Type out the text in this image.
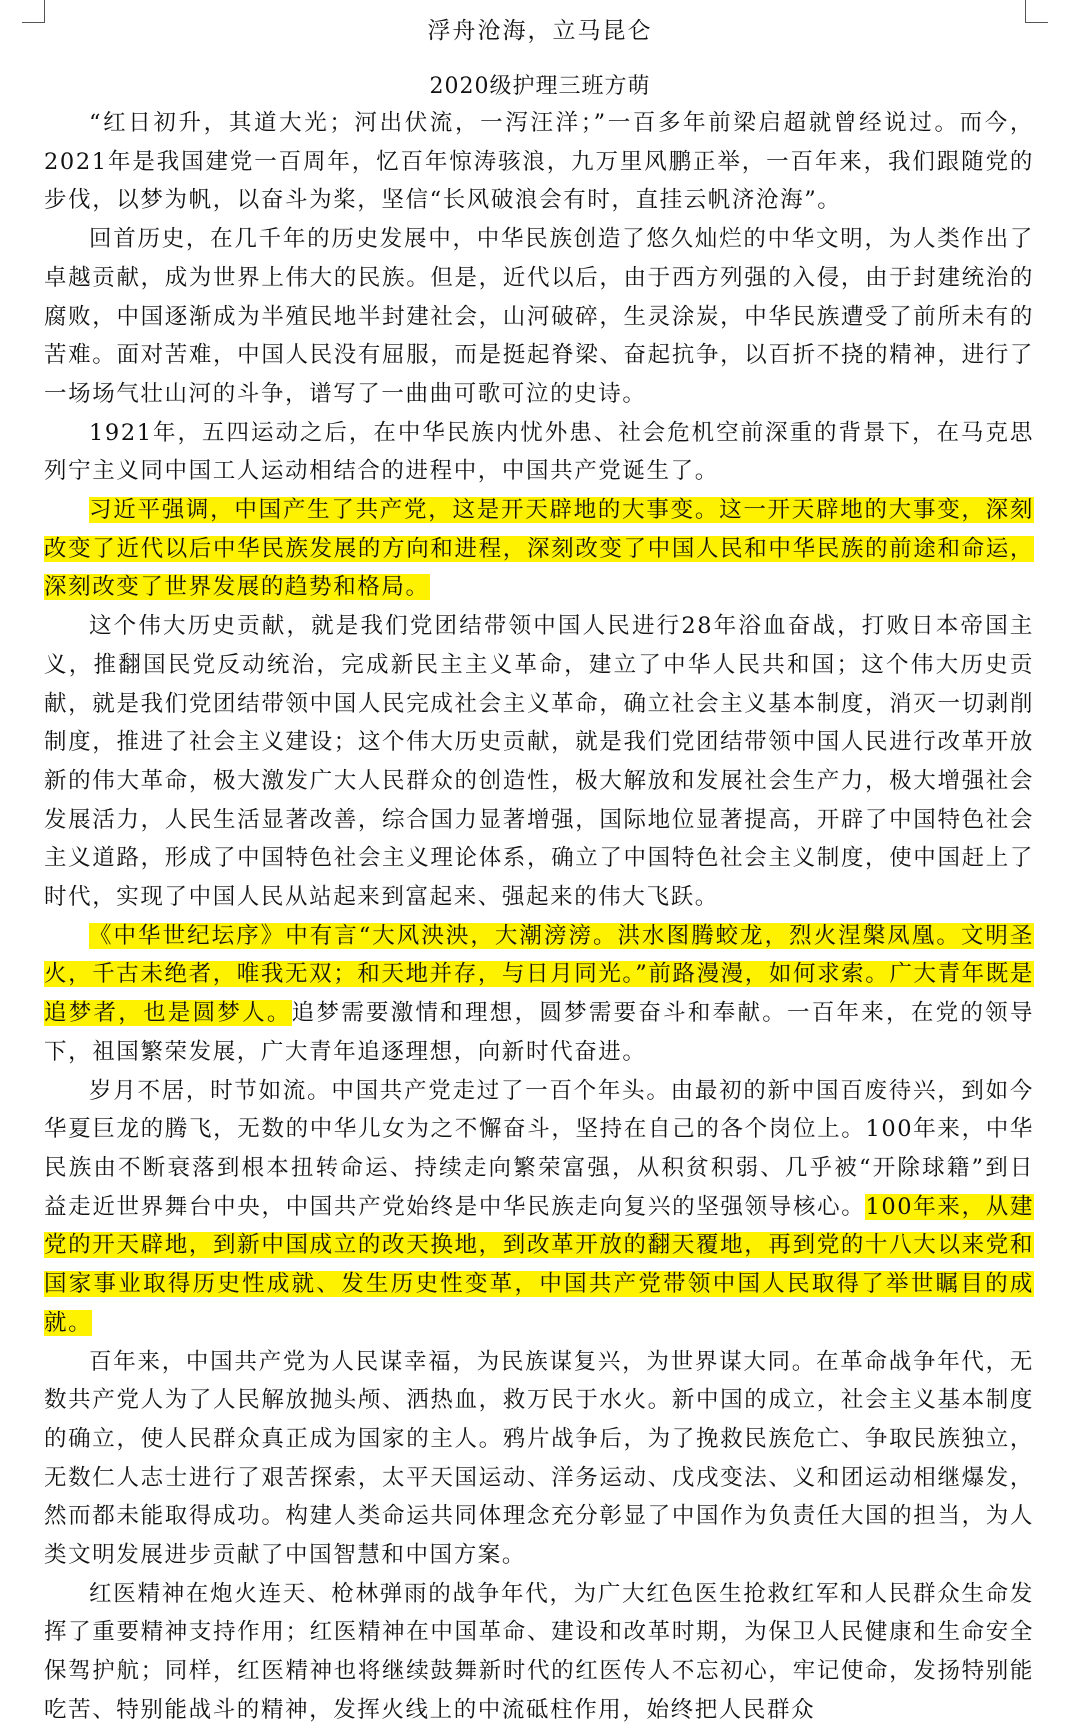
浮舟沧海，立马昆仑
2020级护理三班方萌

“红日初升，其道大光；河出伏流，一泻汪洋；”一百多年前梁启超就曾经说过。而今，2021年是我国建党一百周年，忆百年惊涛骇浪，九万里风鹏正举，一百年来，我们跟随党的步伐，以梦为帆，以奋斗为桨，坚信“长风破浪会有时，直挂云帆济沧海”。

回首历史，在几千年的历史发展中，中华民族创造了悠久灿烂的中华文明，为人类作出了卓越贡献，成为世界上伟大的民族。但是，近代以后，由于西方列强的入侵，由于封建统治的腐败，中国逐渐成为半殖民地半封建社会，山河破碎，生灵涂炭，中华民族遭受了前所未有的苦难。面对苦难，中国人民没有屈服，而是挺起脊梁、奋起抗争，以百折不挠的精神，进行了一场场气壮山河的斗争，谱写了一曲曲可歌可泣的史诗。

1921年，五四运动之后，在中华民族内忧外患、社会危机空前深重的背景下，在马克思列宁主义同中国工人运动相结合的进程中，中国共产党诞生了。

习近平强调，中国产生了共产党，这是开天辟地的大事变。这一开天辟地的大事变，深刻改变了近代以后中华民族发展的方向和进程，深刻改变了中国人民和中华民族的前途和命运，深刻改变了世界发展的趋势和格局。

这个伟大历史贡献，就是我们党团结带领中国人民进行28年浴血奋战，打败日本帝国主义，推翻国民党反动统治，完成新民主主义革命，建立了中华人民共和国；这个伟大历史贡献，就是我们党团结带领中国人民完成社会主义革命，确立社会主义基本制度，消灭一切剥削制度，推进了社会主义建设；这个伟大历史贡献，就是我们党团结带领中国人民进行改革开放新的伟大革命，极大激发广大人民群众的创造性，极大解放和发展社会生产力，极大增强社会发展活力，人民生活显著改善，综合国力显著增强，国际地位显著提高，开辟了中国特色社会主义道路，形成了中国特色社会主义理论体系，确立了中国特色社会主义制度，使中国赶上了时代，实现了中国人民从站起来到富起来、强起来的伟大飞跃。

《中华世纪坛序》中有言“大风泱泱，大潮滂滂。洪水图腾蛟龙，烈火涅槃凤凰。文明圣火，千古未绝者，唯我无双；和天地并存，与日月同光。”前路漫漫，如何求索。广大青年既是追梦者，也是圆梦人。追梦需要激情和理想，圆梦需要奋斗和奉献。一百年来，在党的领导下，祖国繁荣发展，广大青年追逐理想，向新时代奋进。

岁月不居，时节如流。中国共产党走过了一百个年头。由最初的新中国百废待兴，到如今华夏巨龙的腾飞，无数的中华儿女为之不懈奋斗，坚持在自己的各个岗位上。100年来，中华民族由不断衰落到根本扭转命运、持续走向繁荣富强，从积贫积弱、几乎被“开除球籍”到日益走近世界舞台中央，中国共产党始终是中华民族走向复兴的坚强领导核心。100年来，从建党的开天辟地，到新中国成立的改天换地，到改革开放的翻天覆地，再到党的十八大以来党和国家事业取得历史性成就、发生历史性变革，中国共产党带领中国人民取得了举世瞩目的成就。

百年来，中国共产党为人民谋幸福，为民族谋复兴，为世界谋大同。在革命战争年代，无数共产党人为了人民解放抛头颅、洒热血，救万民于水火。新中国的成立，社会主义基本制度的确立，使人民群众真正成为国家的主人。鸦片战争后，为了挽救民族危亡、争取民族独立，无数仁人志士进行了艰苦探索，太平天国运动、洋务运动、戊戌变法、义和团运动相继爆发，然而都未能取得成功。构建人类命运共同体理念充分彰显了中国作为负责任大国的担当，为人类文明发展进步贡献了中国智慧和中国方案。

红医精神在炮火连天、枪林弹雨的战争年代，为广大红色医生抢救红军和人民群众生命发挥了重要精神支持作用；红医精神在中国革命、建设和改革时期，为保卫人民健康和生命安全保驾护航；同样，红医精神也将继续鼓舞新时代的红医传人不忘初心，牢记使命，发扬特别能吃苦、特别能战斗的精神，发挥火线上的中流砥柱作用，始终把人民群众
